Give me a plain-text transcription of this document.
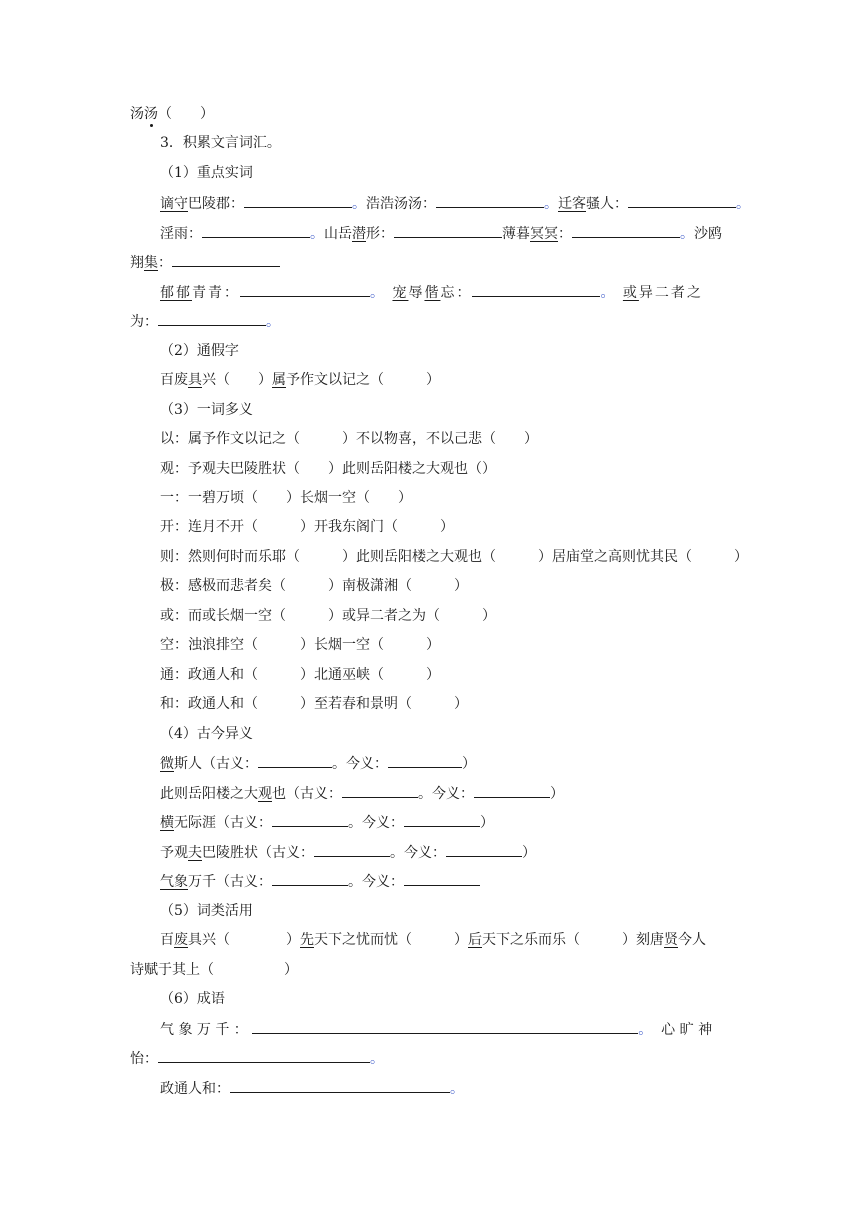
汤汤（　　）
3．积累文言词汇。
（1）重点实词
谪守巴陵郡：	。浩浩汤汤：	。迁客骚人：	。
淫雨：	。山岳潜形：	薄暮冥冥：	。沙鸥
翔集：
郁郁青青：	。 宠辱偕忘：	。 或异二者之
为：	。
（2）通假字
百废具兴（　　）属予作文以记之（　　　）
（3）一词多义
以：属予作文以记之（　　　）不以物喜，不以己悲（　　）
观：予观夫巴陵胜状（　　）此则岳阳楼之大观也（）
一：一碧万顷（　　）长烟一空（　　）
开：连月不开（　　　）开我东阁门（　　　）
则：然则何时而乐耶（　　　）此则岳阳楼之大观也（　　　）居庙堂之高则忧其民（　　　）
极：感极而悲者矣（　　　）南极潇湘（　　　）
或：而或长烟一空（　　　）或异二者之为（　　　）
空：浊浪排空（　　　）长烟一空（　　　）
通：政通人和（　　　）北通巫峡（　　　）
和：政通人和（　　　）至若春和景明（　　　）
（4）古今异义
微斯人（古义：	。今义：	）
此则岳阳楼之大观也（古义：	。今义：	）
横无际涯（古义：	。今义：	）
予观夫巴陵胜状（古义：	。今义：	）
气象万千（古义：	。今义：
（5）词类活用
百废具兴（　　　　）先天下之忧而忧（　　　）后天下之乐而乐（　　　）刻唐贤今人
诗赋于其上（　　　　　）
（6）成语
气 象 万 千 ：	。 心 旷 神
怡：	。
政通人和：	。
